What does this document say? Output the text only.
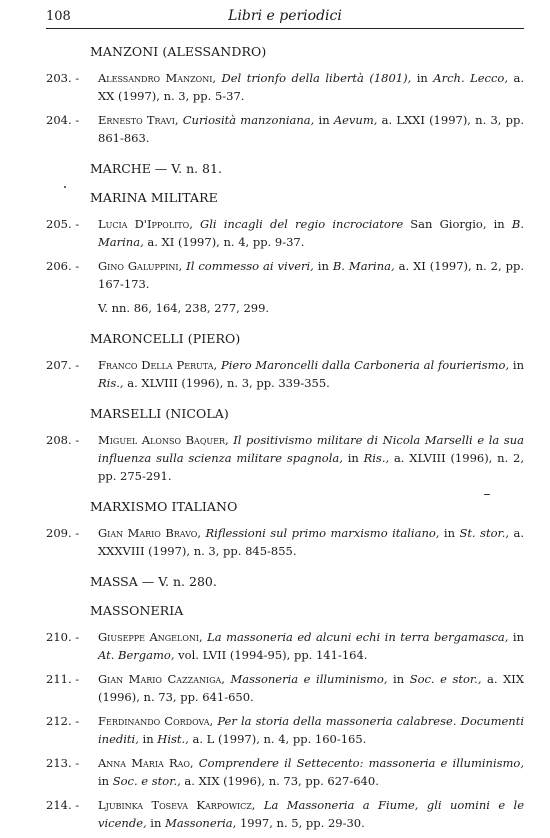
108	Libri e periodici
MANZONI (ALESSANDRO)
203. - Alessandro Manzoni, Del trionfo della libertà (1801), in Arch. Lecco, a. XX (1997), n. 3, pp. 5-37.
204. - Ernesto Travi, Curiosità manzoniana, in Aevum, a. LXXI (1997), n. 3, pp. 861-863.
MARCHE — V. n. 81.
MARINA MILITARE
205. - Lucia D'Ippolito, Gli incagli del regio incrociatore San Giorgio, in B. Marina, a. XI (1997), n. 4, pp. 9-37.
206. - Gino Galuppini, Il commesso ai viveri, in B. Marina, a. XI (1997), n. 2, pp. 167-173.
V. nn. 86, 164, 238, 277, 299.
MARONCELLI (PIERO)
207. - Franco Della Peruta, Piero Maroncelli dalla Carboneria al fourierismo, in Ris., a. XLVIII (1996), n. 3, pp. 339-355.
MARSELLI (NICOLA)
208. - Miguel Alonso Baquer, Il positivismo militare di Nicola Marselli e la sua influenza sulla scienza militare spagnola, in Ris., a. XLVIII (1996), n. 2, pp. 275-291.
MARXISMO ITALIANO
209. - Gian Mario Bravo, Riflessioni sul primo marxismo italiano, in St. stor., a. XXXVIII (1997), n. 3, pp. 845-855.
MASSA — V. n. 280.
MASSONERIA
210. - Giuseppe Angeloni, La massoneria ed alcuni echi in terra bergamasca, in At. Bergamo, vol. LVII (1994-95), pp. 141-164.
211. - Gian Mario Cazzaniga, Massoneria e illuminismo, in Soc. e stor., a. XIX (1996), n. 73, pp. 641-650.
212. - Ferdinando Cordova, Per la storia della massoneria calabrese. Documenti inediti, in Hist., a. L (1997), n. 4, pp. 160-165.
213. - Anna Maria Rao, Comprendere il Settecento: massoneria e illuminismo, in Soc. e stor., a. XIX (1996), n. 73, pp. 627-640.
214. - Ljubinka Toseva Karpowicz, La Massoneria a Fiume, gli uomini e le vicende, in Massoneria, 1997, n. 5, pp. 29-30.
